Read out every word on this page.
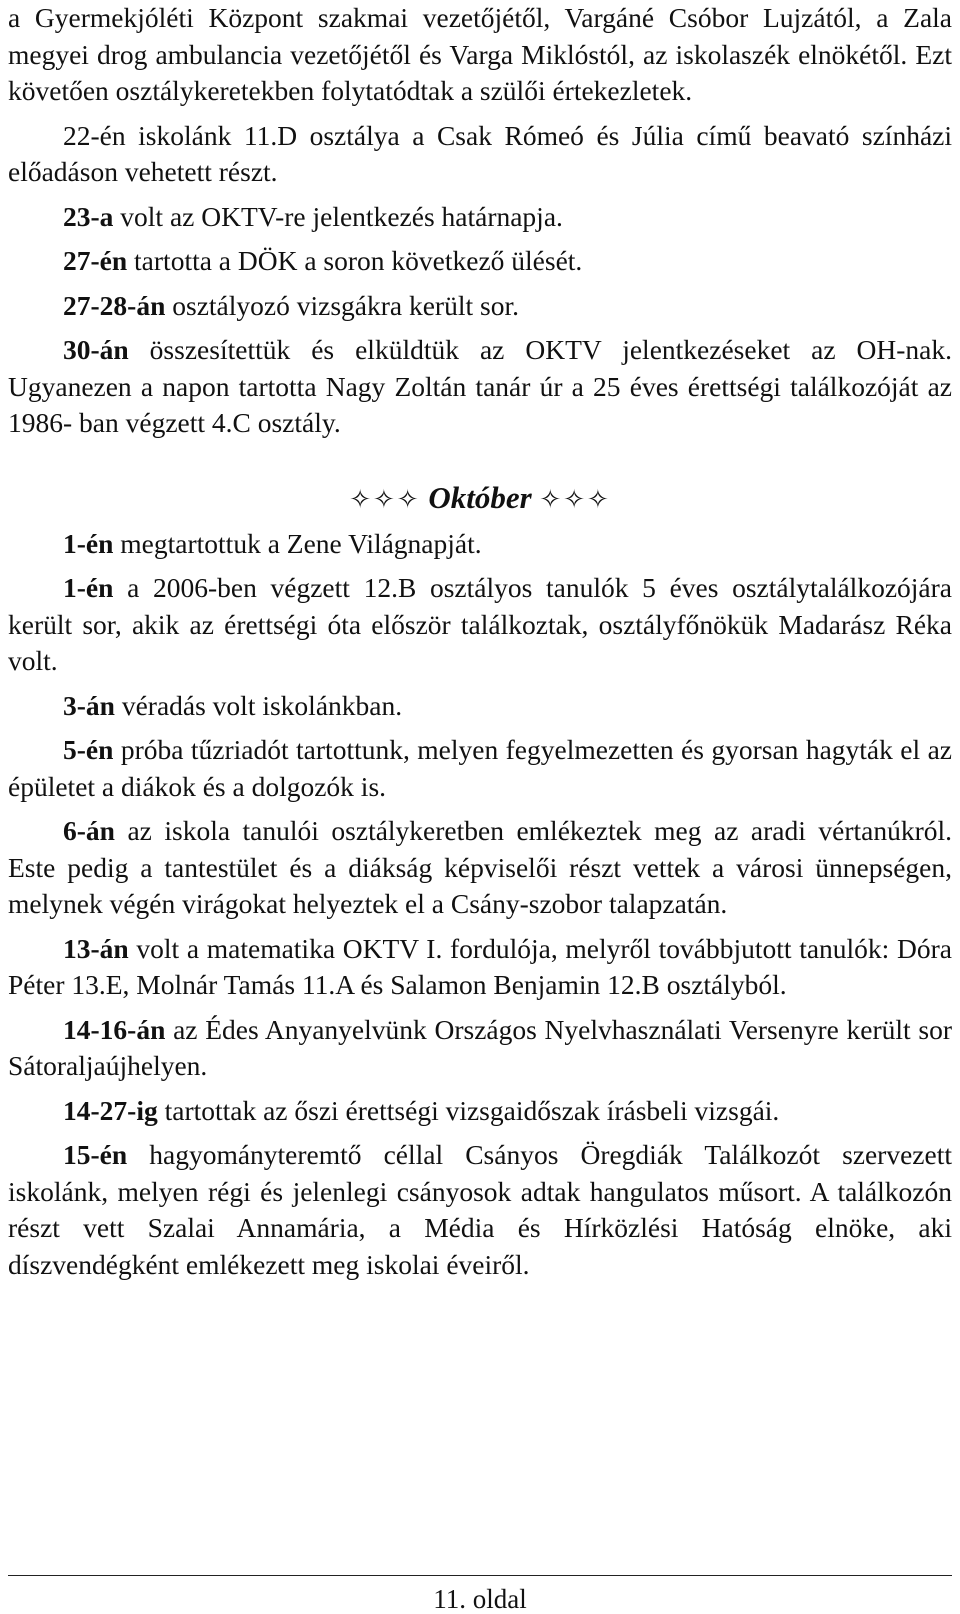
a Gyermekjóléti Központ szakmai vezetőjétől, Vargáné Csóbor Lujzától, a Zala megyei drog ambulancia vezetőjétől és Varga Miklóstól, az iskolaszék elnökétől. Ezt követően osztálykeretekben folytatódtak a szülői értekezletek.

22-én iskolánk 11.D osztálya a Csak Rómeó és Júlia című beavató színházi előadáson vehetett részt.

23-a volt az OKTV-re jelentkezés határnapja.

27-én tartotta a DÖK a soron következő ülését.

27-28-án osztályozó vizsgákra került sor.

30-án összesítettük és elküldtük az OKTV jelentkezéseket az OH-nak. Ugyanezen a napon tartotta Nagy Zoltán tanár úr a 25 éves érettségi találkozóját az 1986- ban végzett 4.C osztály.

✧✧✧ Október ✧✧✧

1-én megtartottuk a Zene Világnapját.

1-én a 2006-ben végzett 12.B osztályos tanulók 5 éves osztálytalálkozójára került sor, akik az érettségi óta először találkoztak, osztályfőnökük Madarász Réka volt.

3-án véradás volt iskolánkban.

5-én próba tűzriadót tartottunk, melyen fegyelmezetten és gyorsan hagyták el az épületet a diákok és a dolgozók is.

6-án az iskola tanulói osztálykeretben emlékeztek meg az aradi vértanúkról. Este pedig a tantestület és a diákság képviselői részt vettek a városi ünnepségen, melynek végén virágokat helyeztek el a Csány-szobor talapzatán.

13-án volt a matematika OKTV I. fordulója, melyről továbbjutott tanulók: Dóra Péter 13.E, Molnár Tamás 11.A és Salamon Benjamin 12.B osztályból.

14-16-án az Édes Anyanyelvünk Országos Nyelvhasználati Versenyre került sor Sátoraljaújhelyen.

14-27-ig tartottak az őszi érettségi vizsgaidőszak írásbeli vizsgái.

15-én hagyományteremtő céllal Csányos Öregdiák Találkozót szervezett iskolánk, melyen régi és jelenlegi csányosok adtak hangulatos műsort. A találkozón részt vett Szalai Annamária, a Média és Hírközlési Hatóság elnöke, aki díszvendégként emlékezett meg iskolai éveiről.

11. oldal
